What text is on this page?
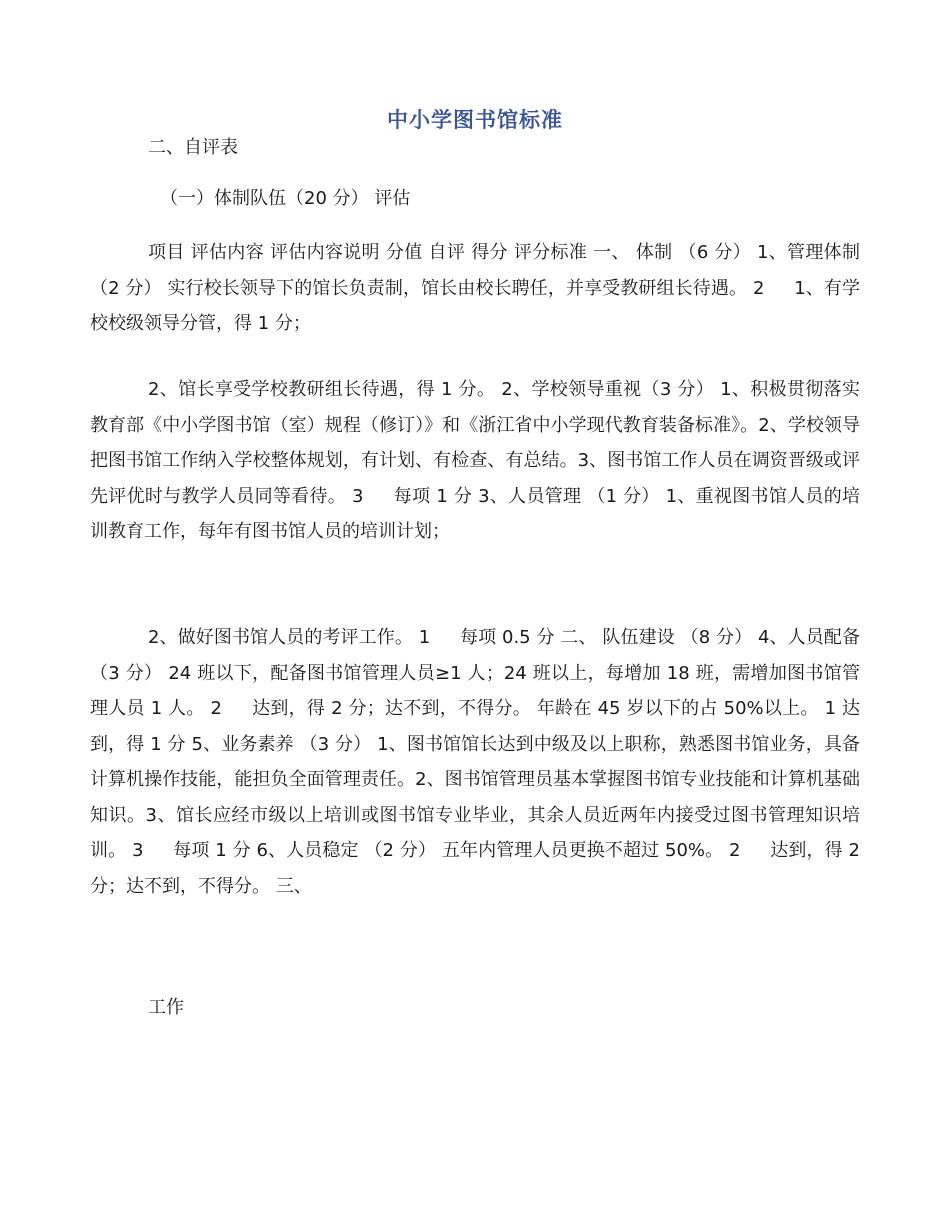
中小学图书馆标准
二、自评表
（一）体制队伍（20 分） 评估
项目 评估内容 评估内容说明 分值 自评 得分 评分标准 一、 体制 （6 分） 1、管理体制 （2 分） 实行校长领导下的馆长负责制，馆长由校长聘任，并享受教研组长待遇。 2 　 1、有学校校级领导分管，得 1 分；
2、馆长享受学校教研组长待遇，得 1 分。 2、学校领导重视（3 分） 1、积极贯彻落实教育部《中小学图书馆（室）规程（修订）》和《浙江省中小学现代教育装备标准》。2、学校领导把图书馆工作纳入学校整体规划，有计划、有检查、有总结。3、图书馆工作人员在调资晋级或评先评优时与教学人员同等看待。 3 　 每项 1 分 3、人员管理 （1 分） 1、重视图书馆人员的培训教育工作，每年有图书馆人员的培训计划；
2、做好图书馆人员的考评工作。 1 　 每项 0.5 分 二、 队伍建设 （8 分） 4、人员配备 （3 分） 24 班以下，配备图书馆管理人员≥1 人；24 班以上，每增加 18 班，需增加图书馆管理人员 1 人。 2 　 达到，得 2 分；达不到，不得分。 年龄在 45 岁以下的占 50%以上。 1 达到，得 1 分 5、业务素养 （3 分） 1、图书馆馆长达到中级及以上职称，熟悉图书馆业务，具备计算机操作技能，能担负全面管理责任。2、图书馆管理员基本掌握图书馆专业技能和计算机基础知识。3、馆长应经市级以上培训或图书馆专业毕业，其余人员近两年内接受过图书管理知识培训。 3 　 每项 1 分 6、人员稳定 （2 分） 五年内管理人员更换不超过 50%。 2 　 达到，得 2 分；达不到，不得分。 三、
工作
